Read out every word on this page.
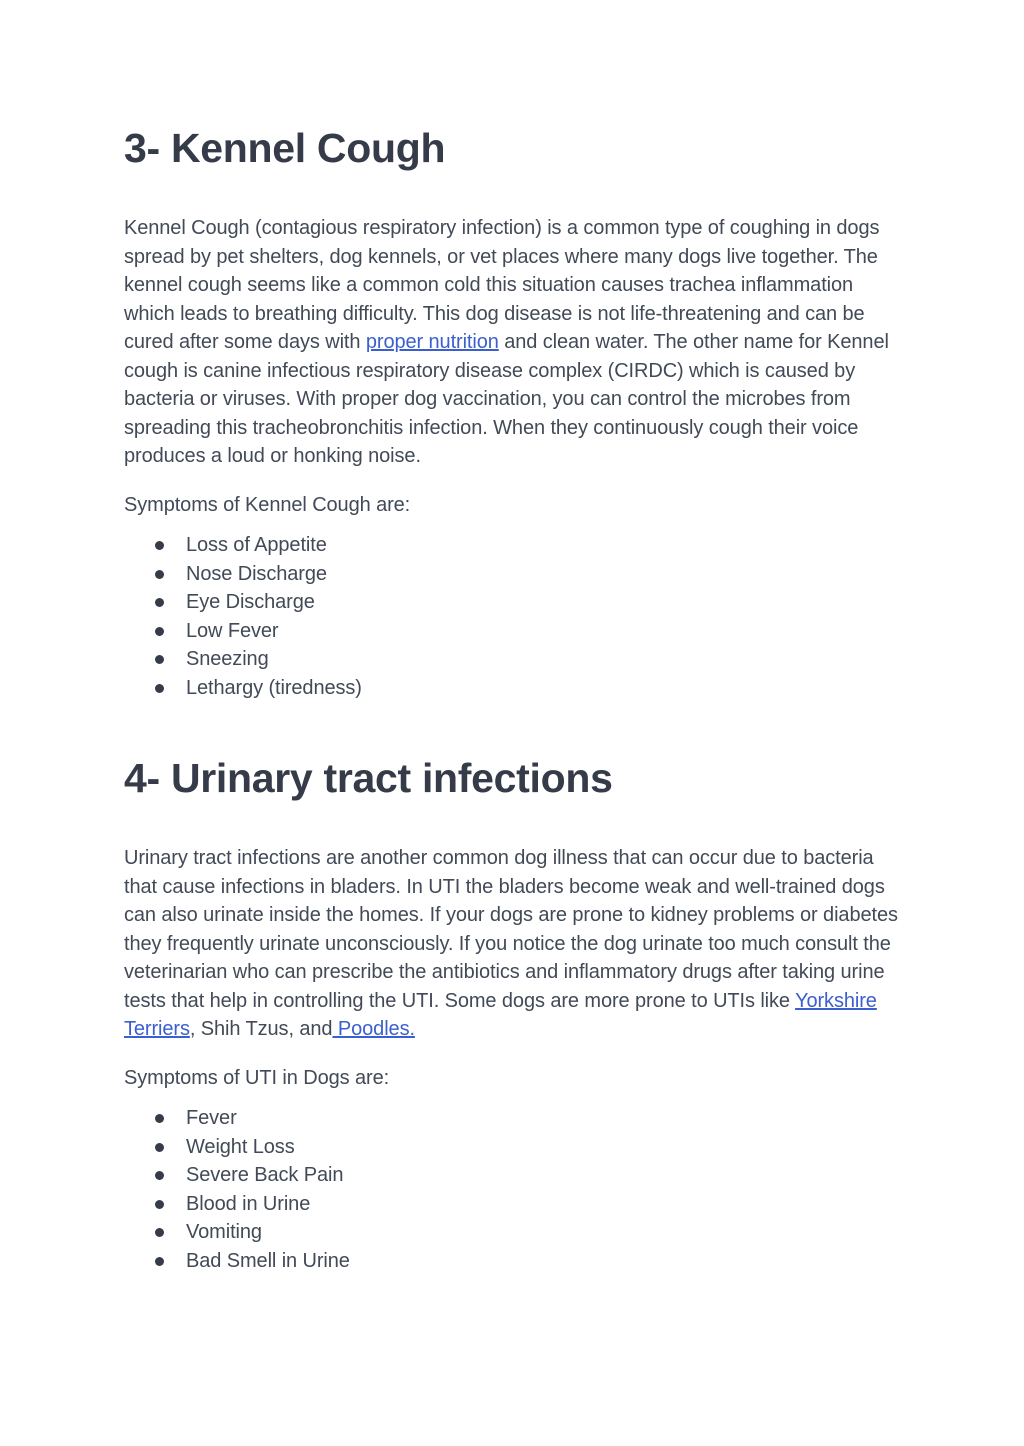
3- Kennel Cough

Kennel Cough (contagious respiratory infection) is a common type of coughing in dogs spread by pet shelters, dog kennels, or vet places where many dogs live together. The kennel cough seems like a common cold this situation causes trachea inflammation which leads to breathing difficulty. This dog disease is not life-threatening and can be cured after some days with proper nutrition and clean water. The other name for Kennel cough is canine infectious respiratory disease complex (CIRDC) which is caused by bacteria or viruses. With proper dog vaccination, you can control the microbes from spreading this tracheobronchitis infection. When they continuously cough their voice produces a loud or honking noise.

Symptoms of Kennel Cough are:

Loss of Appetite
Nose Discharge
Eye Discharge
Low Fever
Sneezing
Lethargy (tiredness)
4- Urinary tract infections

Urinary tract infections are another common dog illness that can occur due to bacteria that cause infections in bladers. In UTI the bladers become weak and well-trained dogs can also urinate inside the homes. If your dogs are prone to kidney problems or diabetes they frequently urinate unconsciously. If you notice the dog urinate too much consult the veterinarian who can prescribe the antibiotics and inflammatory drugs after taking urine tests that help in controlling the UTI. Some dogs are more prone to UTIs like Yorkshire Terriers, Shih Tzus, and Poodles.

Symptoms of UTI in Dogs are:

Fever
Weight Loss
Severe Back Pain
Blood in Urine
Vomiting
Bad Smell in Urine
